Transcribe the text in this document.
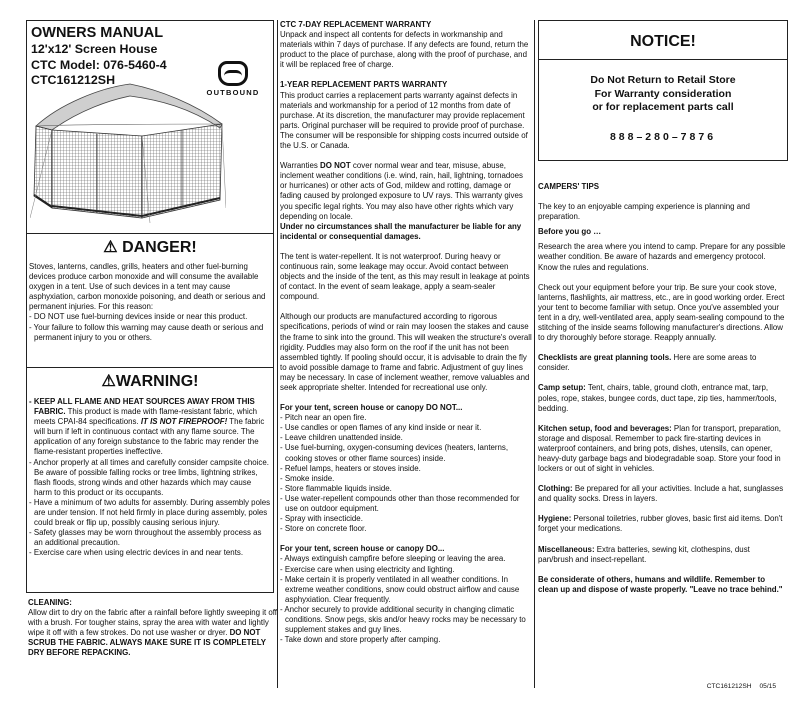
OWNERS MANUAL
12'x12' Screen House
CTC Model: 076-5460-4
CTC161212SH
OUTBOUND
⚠ DANGER!

Stoves, lanterns, candles, grills, heaters and other fuel-burning devices produce carbon monoxide and will consume the available oxygen in a tent. Use of such devices in a tent may cause asphyxiation, carbon monoxide poisoning, and death or serious and permanent injuries. For this reason:

- DO NOT use fuel-burning devices inside or near this product.

- Your failure to follow this warning may cause death or serious and permanent injury to you or others.

⚠WARNING!

- KEEP ALL FLAME AND HEAT SOURCES AWAY FROM THIS FABRIC. This product is made with flame-resistant fabric, which meets CPAI-84 specifications. IT IS NOT FIREPROOF! The fabric will burn if left in continuous contact with any flame source. The application of any foreign substance to the fabric may render the flame-resistant properties ineffective.

- Anchor properly at all times and carefully consider campsite choice. Be aware of possible falling rocks or tree limbs, lightning strikes, flash floods, strong winds and other hazards which may cause harm to this product or its occupants.

- Have a minimum of two adults for assembly. During assembly poles are under tension. If not held firmly in place during assembly, poles could break or flip up, possibly causing serious injury.

- Safety glasses may be worn throughout the assembly process as an additional precaution.

- Exercise care when using electric devices in and near tents.

CLEANING:

Allow dirt to dry on the fabric after a rainfall before lightly sweeping it off with a brush. For tougher stains, spray the area with water and lightly wipe it off with a few strokes. Do not use washer or dryer. DO NOT SCRUB THE FABRIC. ALWAYS MAKE SURE IT IS COMPLETELY DRY BEFORE REPACKING.

CTC 7-DAY REPLACEMENT WARRANTY

Unpack and inspect all contents for defects in workmanship and materials within 7 days of purchase. If any defects are found, return the product to the place of purchase, along with the proof of purchase, and it will be replaced free of charge.

1-YEAR REPLACEMENT PARTS WARRANTY

This product carries a replacement parts warranty against defects in materials and workmanship for a period of 12 months from date of purchase. At its discretion, the manufacturer may provide replacement parts. Original purchaser will be required to provide proof of purchase. The consumer will be responsible for shipping costs incurred outside of the U.S. or Canada.

Warranties DO NOT cover normal wear and tear, misuse, abuse, inclement weather conditions (i.e. wind, rain, hail, lightning, tornadoes or hurricanes) or other acts of God, mildew and rotting, damage or fading caused by prolonged exposure to UV rays. This warranty gives you specific legal rights. You may also have other rights which vary depending on locale.

Under no circumstances shall the manufacturer be liable for any incidental or consequential damages.

The tent is water-repellent. It is not waterproof. During heavy or continuous rain, some leakage may occur. Avoid contact between objects and the inside of the tent, as this may result in leakage at points of contact. In the event of seam leakage, apply a seam-sealer compound.

Although our products are manufactured according to rigorous specifications, periods of wind or rain may loosen the stakes and cause the frame to sink into the ground. This will weaken the structure's overall rigidity. Puddles may also form on the roof if the unit has not been assembled tightly. If pooling should occur, it is advisable to drain the fly to avoid possible damage to frame and fabric. Adjustment of guy lines may be necessary. In case of inclement weather, remove valuables and seek appropriate shelter. Intended for recreational use only.

For your tent, screen house or canopy DO NOT...

- Pitch near an open fire.

- Use candles or open flames of any kind inside or near it.

- Leave children unattended inside.

- Use fuel-burning, oxygen-consuming devices (heaters, lanterns, cooking stoves or other flame sources) inside.

- Refuel lamps, heaters or stoves inside.

- Smoke inside.

- Store flammable liquids inside.

- Use water-repellent compounds other than those recommended for use on outdoor equipment.

- Spray with insecticide.

- Store on concrete floor.

For your tent, screen house or canopy DO...

- Always extinguish campfire before sleeping or leaving the area.

- Exercise care when using electricity and lighting.

- Make certain it is properly ventilated in all weather conditions. In extreme weather conditions, snow could obstruct airflow and cause asphyxiation. Clear frequently.

- Anchor securely to provide additional security in changing climatic conditions. Snow pegs, skis and/or heavy rocks may be necessary to supplement stakes and guy lines.

- Take down and store properly after camping.

NOTICE!
Do Not Return to Retail Store
For Warranty consideration
or for replacement parts call
888–280–7876

CAMPERS' TIPS

The key to an enjoyable camping experience is planning and preparation.

Before you go …

Research the area where you intend to camp. Prepare for any possible weather condition. Be aware of hazards and emergency protocol. Know the rules and regulations.

Check out your equipment before your trip. Be sure your cook stove, lanterns, flashlights, air mattress, etc., are in good working order. Erect your tent to become familiar with setup. Once you've assembled your tent in a dry, well-ventilated area, apply seam-sealing compound to the stitching of the inside seams following manufacturer's directions. Allow to dry thoroughly before storage. Reapply annually.

Checklists are great planning tools. Here are some areas to consider.

Camp setup: Tent, chairs, table, ground cloth, entrance mat, tarp, poles, rope, stakes, bungee cords, duct tape, zip ties, hammer/tools, bedding.

Kitchen setup, food and beverages: Plan for transport, preparation, storage and disposal. Remember to pack fire-starting devices in waterproof containers, and bring pots, dishes, utensils, can opener, heavy-duty garbage bags and biodegradable soap. Store your food in lockers or out of sight in vehicles.

Clothing: Be prepared for all your activities. Include a hat, sunglasses and quality socks. Dress in layers.

Hygiene: Personal toiletries, rubber gloves, basic first aid items. Don't forget your medications.

Miscellaneous: Extra batteries, sewing kit, clothespins, dust pan/brush and insect-repellant.

Be considerate of others, humans and wildlife. Remember to clean up and dispose of waste properly. "Leave no trace behind."

CTC161212SH 05/15
